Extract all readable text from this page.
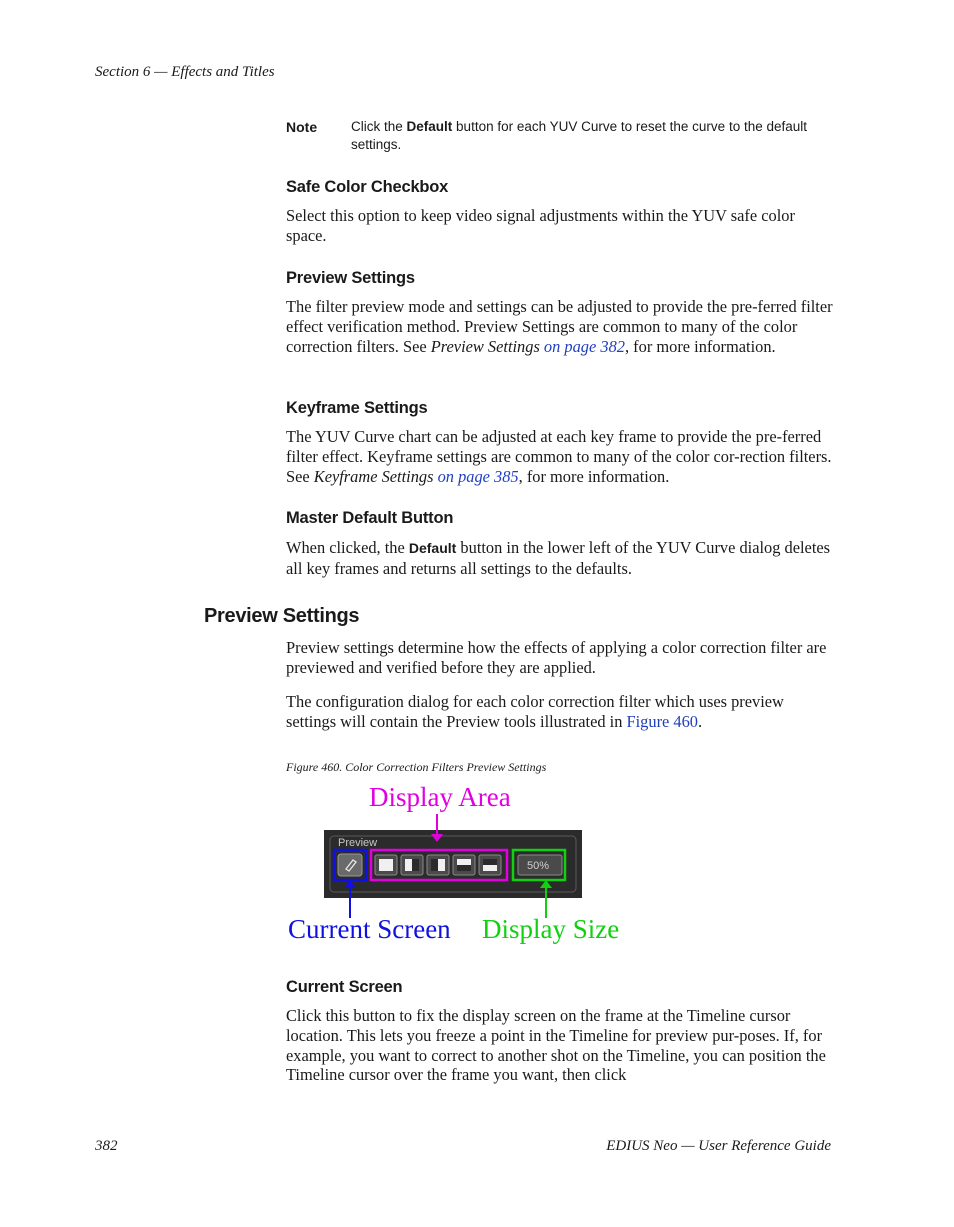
Section 6 — Effects and Titles
Note	Click the Default button for each YUV Curve to reset the curve to the default settings.
Safe Color Checkbox

Select this option to keep video signal adjustments within the YUV safe color space.

Preview Settings

The filter preview mode and settings can be adjusted to provide the pre-ferred filter effect verification method. Preview Settings are common to many of the color correction filters. See Preview Settings on page 382, for more information.

Keyframe Settings

The YUV Curve chart can be adjusted at each key frame to provide the pre-ferred filter effect. Keyframe settings are common to many of the color cor-rection filters. See Keyframe Settings on page 385, for more information.

Master Default Button

When clicked, the Default button in the lower left of the YUV Curve dialog deletes all key frames and returns all settings to the defaults.

Preview Settings

Preview settings determine how the effects of applying a color correction filter are previewed and verified before they are applied.

The configuration dialog for each color correction filter which uses preview settings will contain the Preview tools illustrated in Figure 460.

Figure 460. Color Correction Filters Preview Settings
Display Area
Current Screen Display Size
Preview
50%
Current Screen

Click this button to fix the display screen on the frame at the Timeline cursor location. This lets you freeze a point in the Timeline for preview pur-poses. If, for example, you want to correct to another shot on the Timeline, you can position the Timeline cursor over the frame you want, then click

382	EDIUS Neo — User Reference Guide
